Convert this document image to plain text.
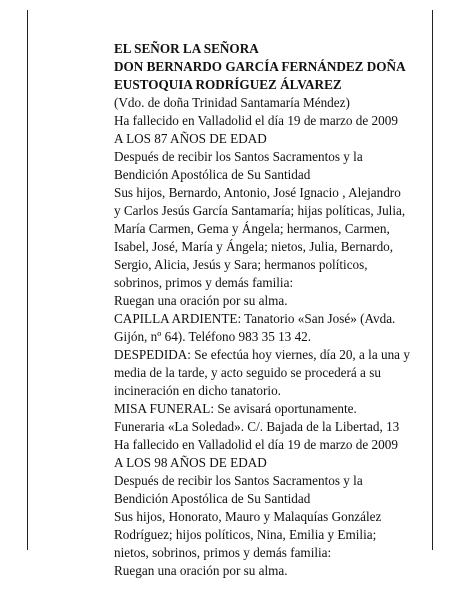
EL SEÑOR LA SEÑORA
DON BERNARDO GARCÍA FERNÁNDEZ DOÑA
EUSTOQUIA RODRÍGUEZ ÁLVAREZ
(Vdo. de doña Trinidad Santamaría Méndez)
Ha fallecido en Valladolid el día 19 de marzo de 2009
A LOS 87 AÑOS DE EDAD
Después de recibir los Santos Sacramentos y la
Bendición Apostólica de Su Santidad
Sus hijos, Bernardo, Antonio, José Ignacio , Alejandro
y Carlos Jesús García Santamaría; hijas políticas, Julia,
María Carmen, Gema y Ángela; hermanos, Carmen,
Isabel, José, María y Ángela; nietos, Julia, Bernardo,
Sergio, Alicia, Jesús y Sara; hermanos políticos,
sobrinos, primos y demás familia:
Ruegan una oración por su alma.
CAPILLA ARDIENTE: Tanatorio «San José» (Avda.
Gijón, nº 64). Teléfono 983 35 13 42.
DESPEDIDA: Se efectúa hoy viernes, día 20, a la una y
media de la tarde, y acto seguido se procederá a su
incineración en dicho tanatorio.
MISA FUNERAL: Se avisará oportunamente.
Funeraria «La Soledad». C/. Bajada de la Libertad, 13
Ha fallecido en Valladolid el día 19 de marzo de 2009
A LOS 98 AÑOS DE EDAD
Después de recibir los Santos Sacramentos y la
Bendición Apostólica de Su Santidad
Sus hijos, Honorato, Mauro y Malaquías González
Rodríguez; hijos políticos, Nina, Emilia y Emilia;
nietos, sobrinos, primos y demás familia:
Ruegan una oración por su alma.
